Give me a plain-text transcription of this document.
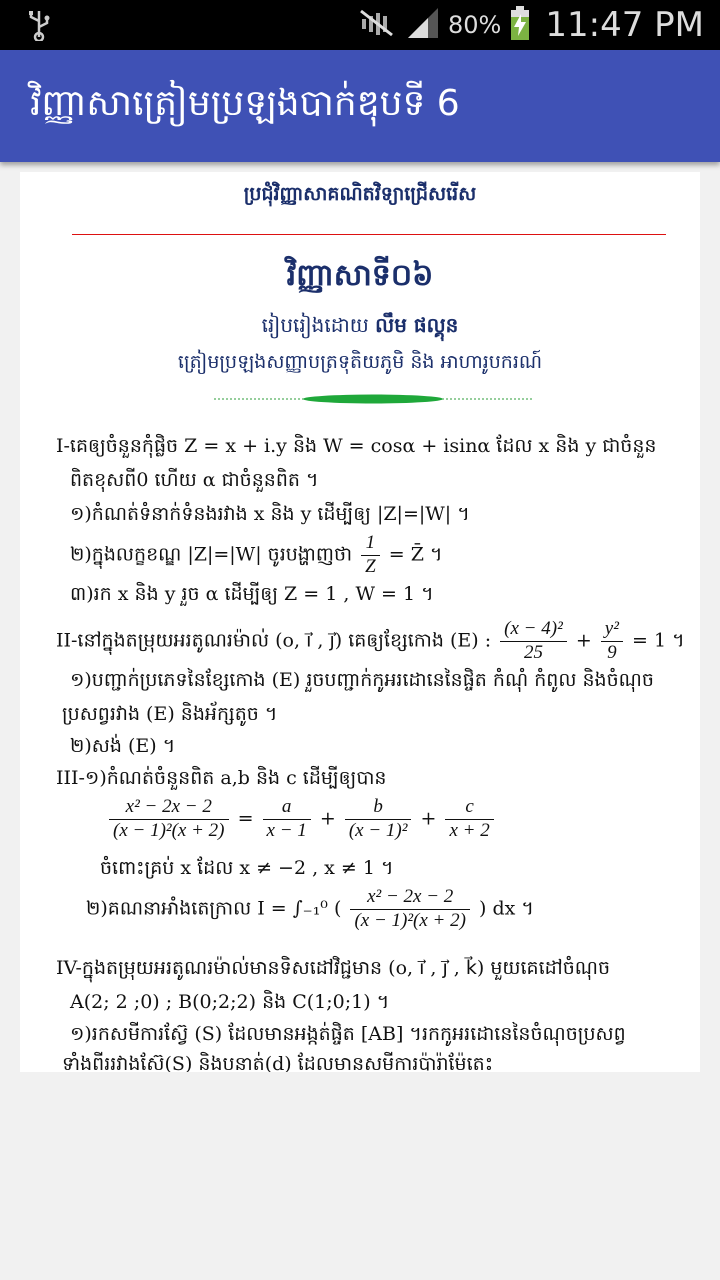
80% 11:47 PM
វិញ្ញាសាត្រៀមប្រឡងបាក់ឌុបទី 6
ប្រជុំវិញ្ញាសាគណិតវិទ្យាជ្រើសរើស
វិញ្ញាសាទី០៦
រៀបរៀងដោយ លឹម ផល្គុន
ត្រៀមប្រឡងសញ្ញាបត្រទុតិយភូមិ និង អាហារូបករណ៍
I-គេឲ្យចំនួនកុំផ្លិច Z = x + i.y និង W = cosα + isinα ដែល x និង y ជាចំនួន
ពិតខុសពី0 ហើយ α ជាចំនួនពិត ។
១)កំណត់ទំនាក់ទំនងរវាង x និង y ដើម្បីឲ្យ |Z|=|W| ។
២)ក្នុងលក្ខខណ្ឌ |Z|=|W| ចូរបង្ហាញថា $\frac{1}{Z}$ = Z̄ ។
៣)រក x និង y រួច α ដើម្បីឲ្យ Z = 1 , W = 1 ។
II-នៅក្នុងតម្រុយអរតូណរម៉ាល់ (o, i⃗ , j⃗) គេឲ្យខ្សែកោង (E) : $\frac{\text{(x − 4)²}}{25} + \frac{\text{y²}}{9} = 1$ ។
១)បញ្ជាក់ប្រភេទនៃខ្សែកោង (E) រួចបញ្ជាក់កូអរដោនេនៃផ្ចិត កំណុំ កំពូល និងចំណុច
ប្រសព្វរវាង (E) និងអ័ក្សតូច ។
២)សង់ (E) ។
III-១)កំណត់ចំនួនពិត a,b និង c ដើម្បីឲ្យបាន
$\frac{\text{x² − 2x − 2}}{\text{(x − 1)²(x + 2)}} = \frac{a}{x - 1} + \frac{b}{\text{(x − 1)²}} + \frac{c}{x + 2}$
ចំពោះគ្រប់ x ដែល x ≠ −2 , x ≠ 1 ។
២)គណនាអាំងតេក្រាល I = ∫₋₁⁰ ( $\frac{\text{x² − 2x − 2}}{\text{(x − 1)²(x + 2)}}$ ) dx ។
IV-ក្នុងតម្រុយអរតូណរម៉ាល់មានទិសដៅវិជ្ជមាន (o, i⃗ , j⃗ , k⃗) មួយគេដៅចំណុច
A(2; 2 ;0) ; B(0;2;2) និង C(1;0;1) ។
១)រកសមីការស្វ៊ែ (S) ដែលមានអង្កត់ផ្ចិត [AB] ។រកកូអរដោនេនៃចំណុចប្រសព្វ
ទាំងពីររវាងស៊ែ(S) និងបនាត់(d) ដែលមានសមីការប៉ារ៉ាម៉ែតេះ
